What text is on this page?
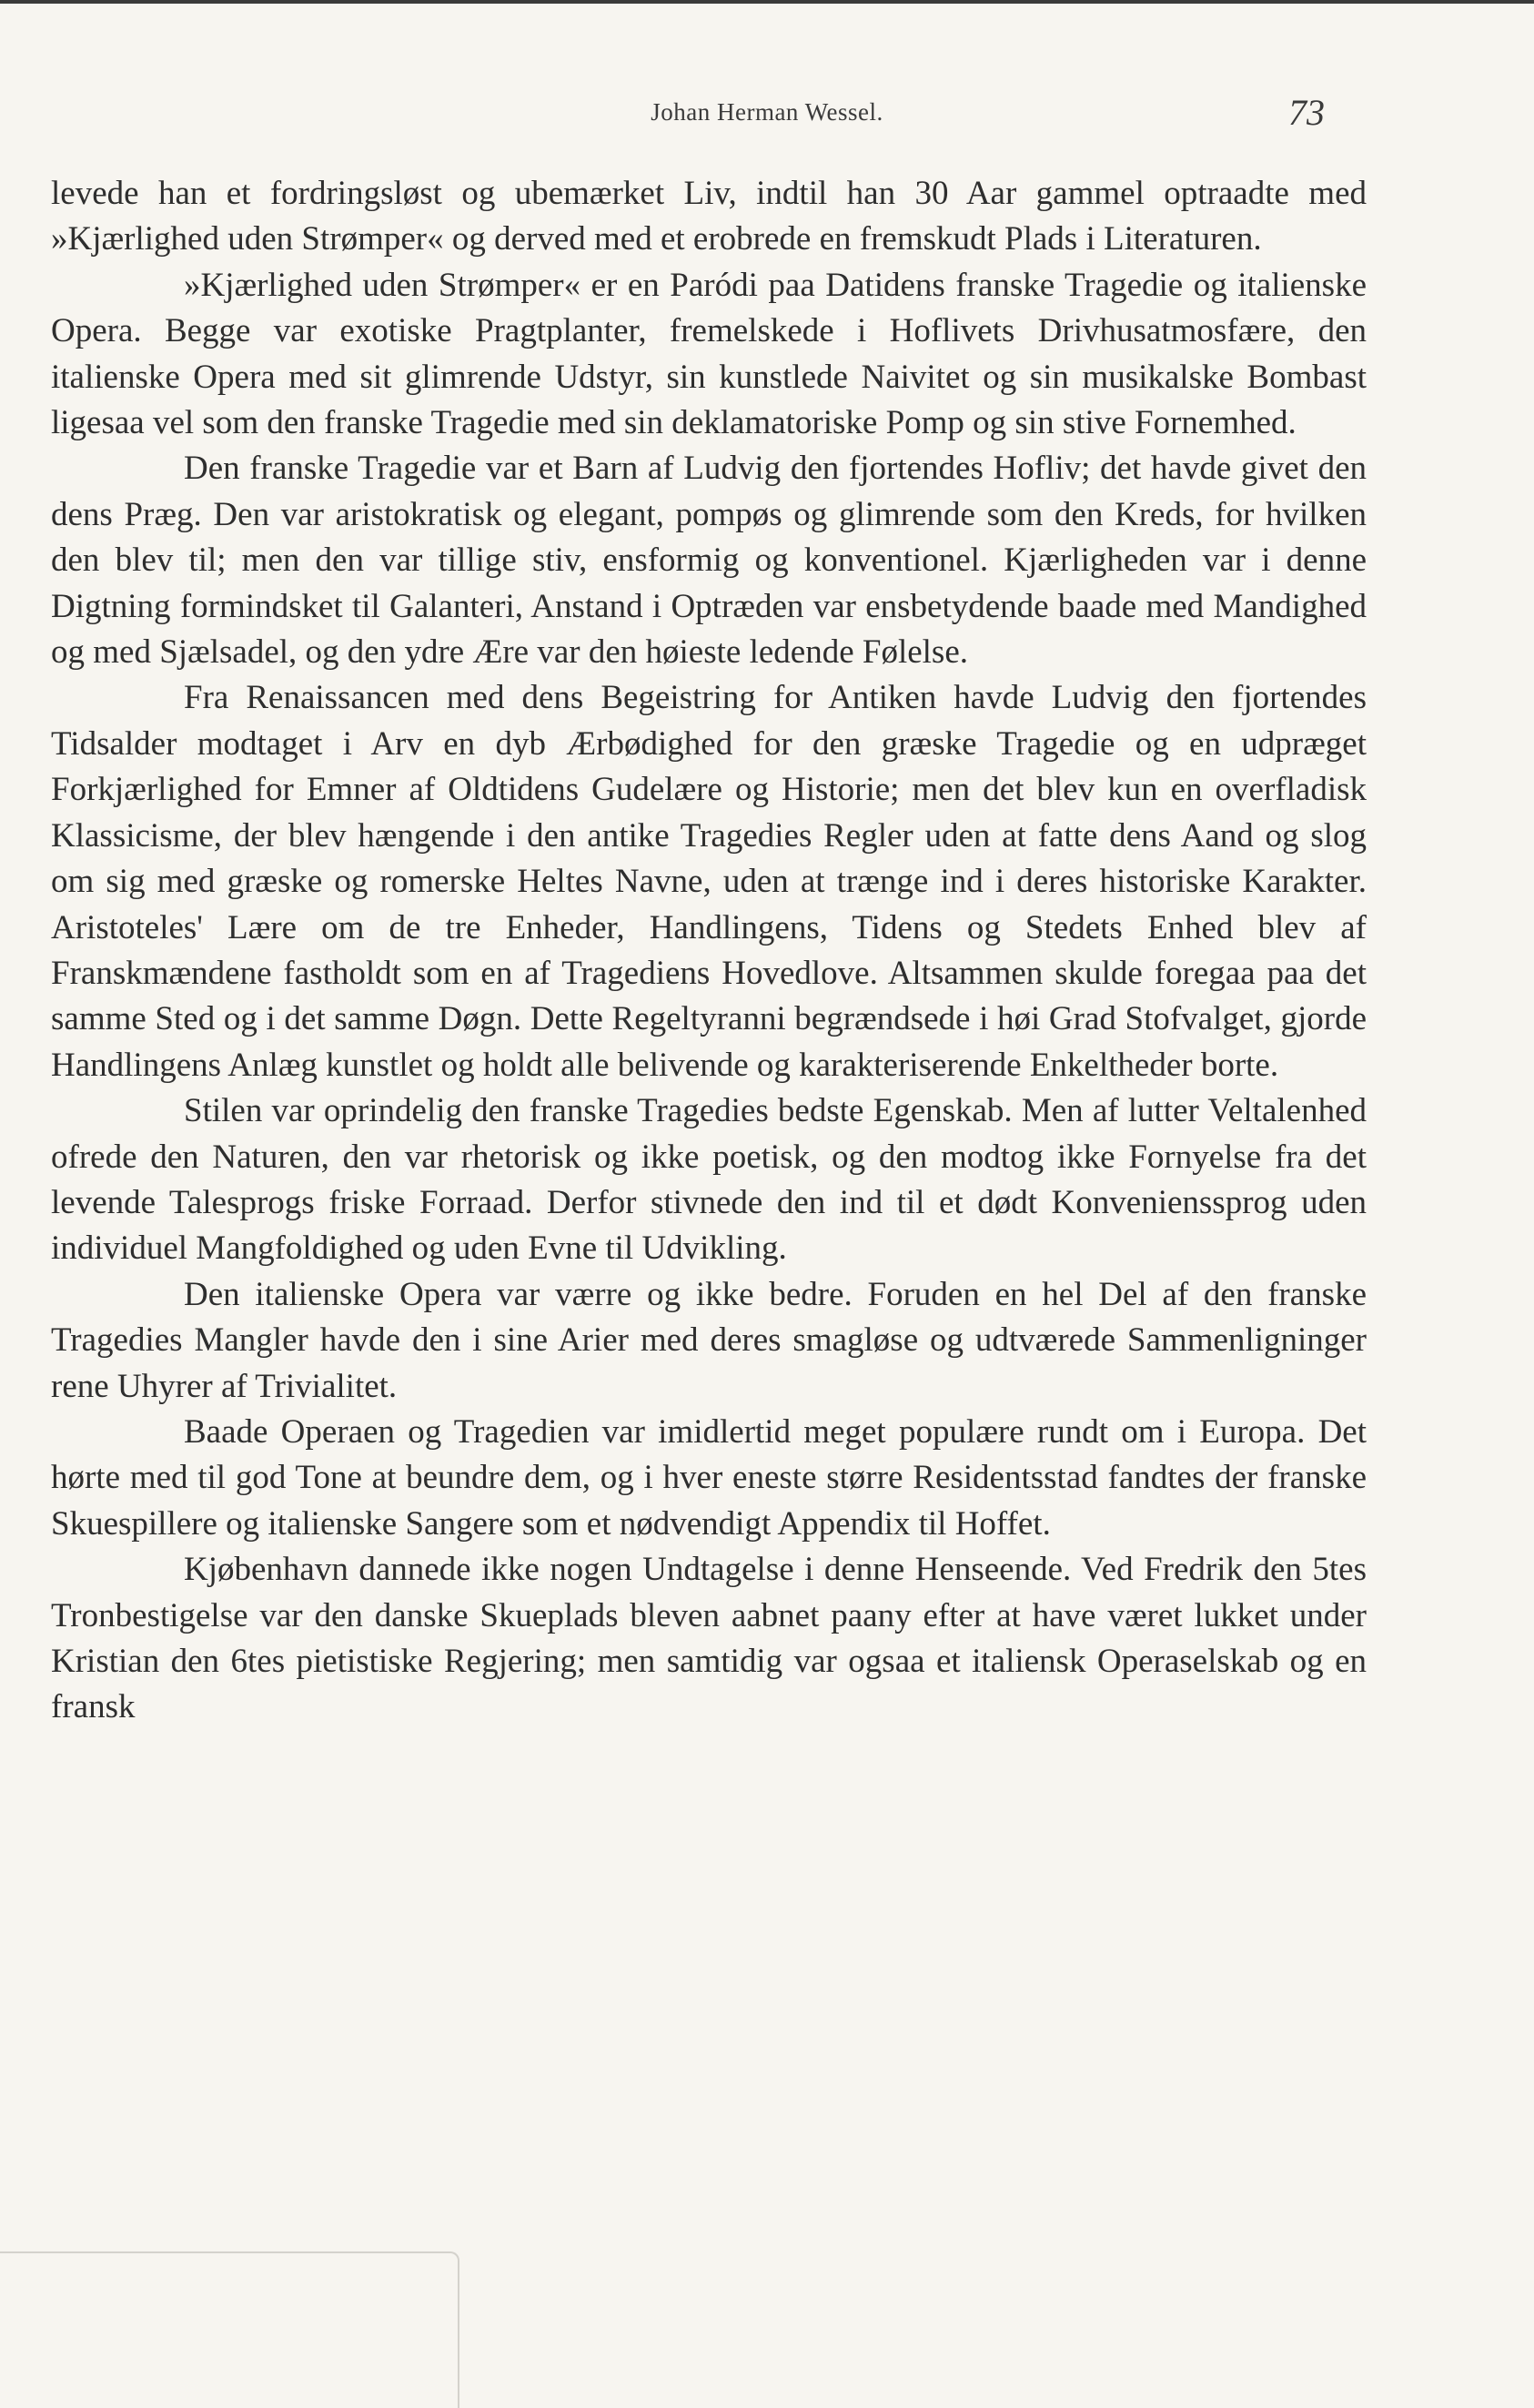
Johan Herman Wessel.	73

levede han et fordringsløst og ubemærket Liv, indtil han 30 Aar gammel optraadte med »Kjærlighed uden Strømper« og derved med et erobrede en fremskudt Plads i Literaturen.

»Kjærlighed uden Strømper« er en Paródi paa Datidens franske Tragedie og italienske Opera. Begge var exotiske Pragtplanter, fremelskede i Hoflivets Drivhusatmosfære, den italienske Opera med sit glimrende Udstyr, sin kunstlede Naivitet og sin musikalske Bombast ligesaa vel som den franske Tragedie med sin deklamatoriske Pomp og sin stive Fornemhed.

Den franske Tragedie var et Barn af Ludvig den fjortendes Hofliv; det havde givet den dens Præg. Den var aristokratisk og elegant, pompøs og glimrende som den Kreds, for hvilken den blev til; men den var tillige stiv, ensformig og konventionel. Kjærligheden var i denne Digtning formindsket til Galanteri, Anstand i Optræden var ensbetydende baade med Mandighed og med Sjælsadel, og den ydre Ære var den høieste ledende Følelse.

Fra Renaissancen med dens Begeistring for Antiken havde Ludvig den fjortendes Tidsalder modtaget i Arv en dyb Ærbødighed for den græske Tragedie og en udpræget Forkjærlighed for Emner af Oldtidens Gudelære og Historie; men det blev kun en overfladisk Klassicisme, der blev hængende i den antike Tragedies Regler uden at fatte dens Aand og slog om sig med græske og romerske Heltes Navne, uden at trænge ind i deres historiske Karakter. Aristoteles' Lære om de tre Enheder, Handlingens, Tidens og Stedets Enhed blev af Franskmændene fastholdt som en af Tragediens Hovedlove. Altsammen skulde foregaa paa det samme Sted og i det samme Døgn. Dette Regeltyranni begrændsede i høi Grad Stofvalget, gjorde Handlingens Anlæg kunstlet og holdt alle belivende og karakteriserende Enkeltheder borte.

Stilen var oprindelig den franske Tragedies bedste Egenskab. Men af lutter Veltalenhed ofrede den Naturen, den var rhetorisk og ikke poetisk, og den modtog ikke Fornyelse fra det levende Talesprogs friske Forraad. Derfor stivnede den ind til et dødt Konvenienssprog uden individuel Mangfoldighed og uden Evne til Udvikling.

Den italienske Opera var værre og ikke bedre. Foruden en hel Del af den franske Tragedies Mangler havde den i sine Arier med deres smagløse og udtværede Sammenligninger rene Uhyrer af Trivialitet.

Baade Operaen og Tragedien var imidlertid meget populære rundt om i Europa. Det hørte med til god Tone at beundre dem, og i hver eneste større Residentsstad fandtes der franske Skuespillere og italienske Sangere som et nødvendigt Appendix til Hoffet.

Kjøbenhavn dannede ikke nogen Undtagelse i denne Henseende. Ved Fredrik den 5tes Tronbestigelse var den danske Skueplads bleven aabnet paany efter at have været lukket under Kristian den 6tes pietistiske Regjering; men samtidig var ogsaa et italiensk Operaselskab og en fransk
